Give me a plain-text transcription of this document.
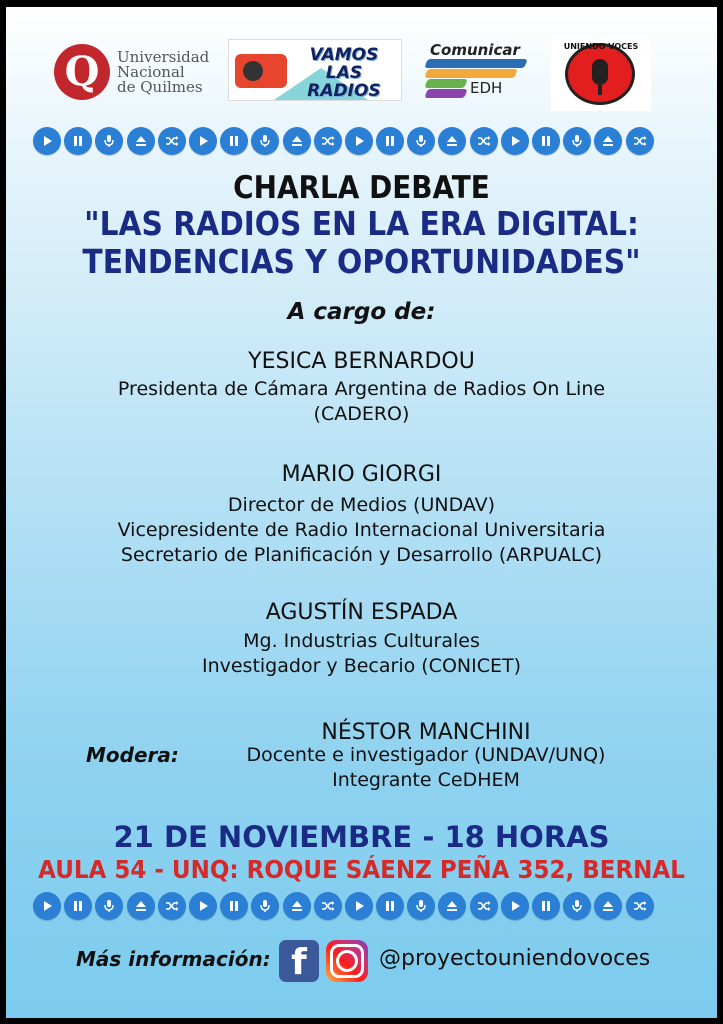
Q	Universidad
Nacional
de Quilmes
VAMOS LAS RADIOS
Comunicar
EDH
UNIENDO VOCES
CHARLA DEBATE
"LAS RADIOS EN LA ERA DIGITAL:
TENDENCIAS Y OPORTUNIDADES"
A cargo de:
YESICA BERNARDOU
Presidenta de Cámara Argentina de Radios On Line
(CADERO)
MARIO GIORGI
Director de Medios (UNDAV)
Vicepresidente de Radio Internacional Universitaria
Secretario de Planificación y Desarrollo (ARPUALC)
AGUSTÍN ESPADA
Mg. Industrias Culturales
Investigador y Becario (CONICET)
Modera:
NÉSTOR MANCHINI
Docente e investigador (UNDAV/UNQ)
Integrante CeDHEM
21 DE NOVIEMBRE - 18 HORAS
AULA 54 - UNQ: ROQUE SÁENZ PEÑA 352, BERNAL
Más información: f	@proyectouniendovoces
